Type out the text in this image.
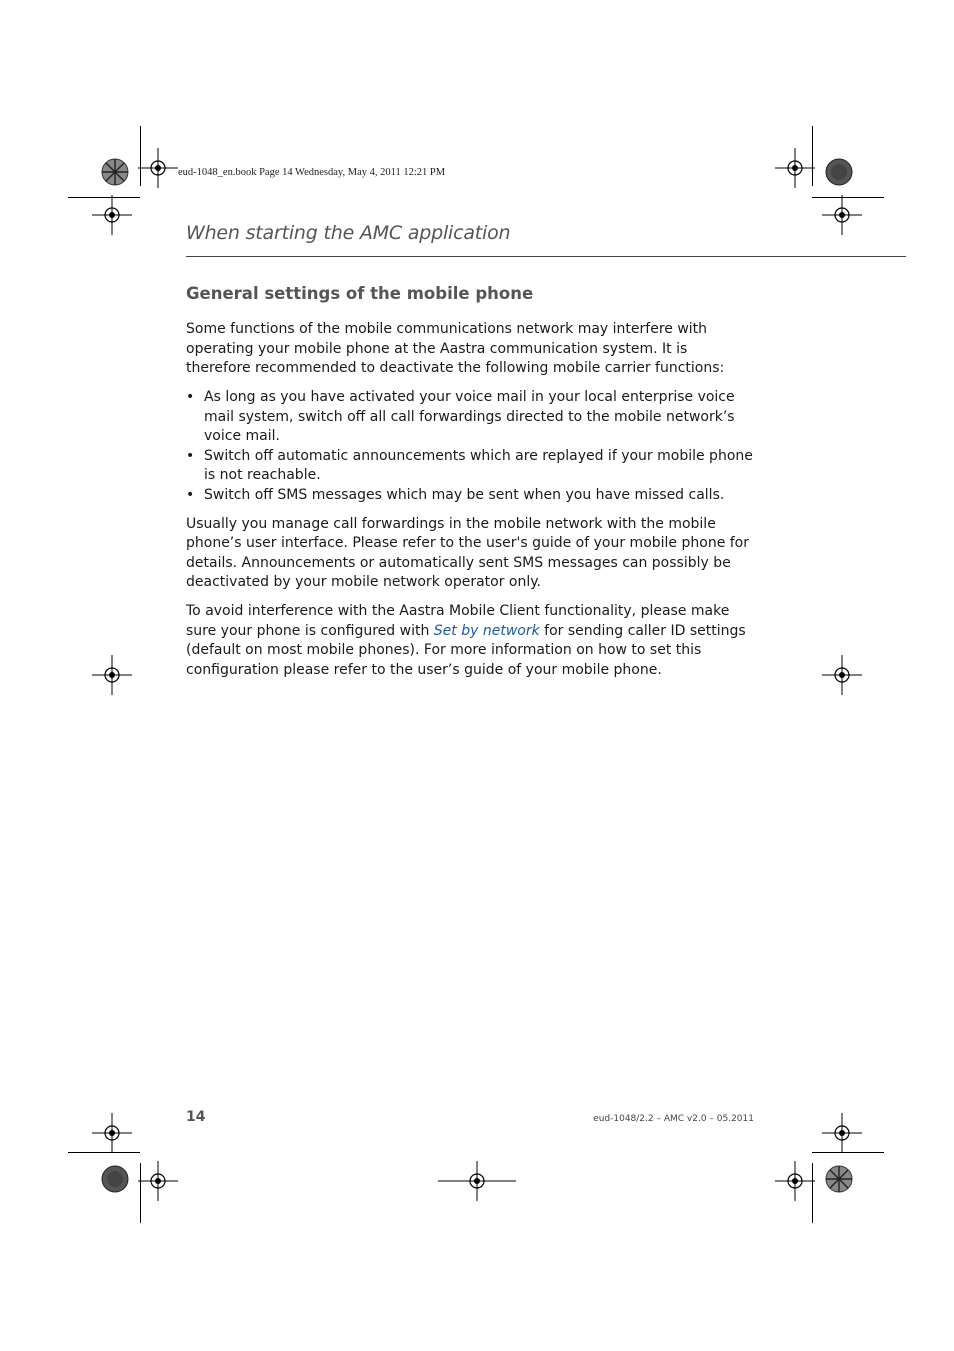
eud-1048_en.book Page 14 Wednesday, May 4, 2011 12:21 PM
When starting the AMC application
General settings of the mobile phone

Some functions of the mobile communications network may interfere with operating your mobile phone at the Aastra communication system. It is therefore recommended to deactivate the following mobile carrier functions:

• As long as you have activated your voice mail in your local enterprise voice mail system, switch off all call forwardings directed to the mobile network’s voice mail.
• Switch off automatic announcements which are replayed if your mobile phone is not reachable.
• Switch off SMS messages which may be sent when you have missed calls.

Usually you manage call forwardings in the mobile network with the mobile phone’s user interface. Please refer to the user's guide of your mobile phone for details. Announcements or automatically sent SMS messages can possibly be deactivated by your mobile network operator only.

To avoid interference with the Aastra Mobile Client functionality, please make sure your phone is configured with Set by network for sending caller ID settings (default on most mobile phones). For more information on how to set this configuration please refer to the user’s guide of your mobile phone.

14	eud-1048/2.2 – AMC v2.0 – 05.2011
